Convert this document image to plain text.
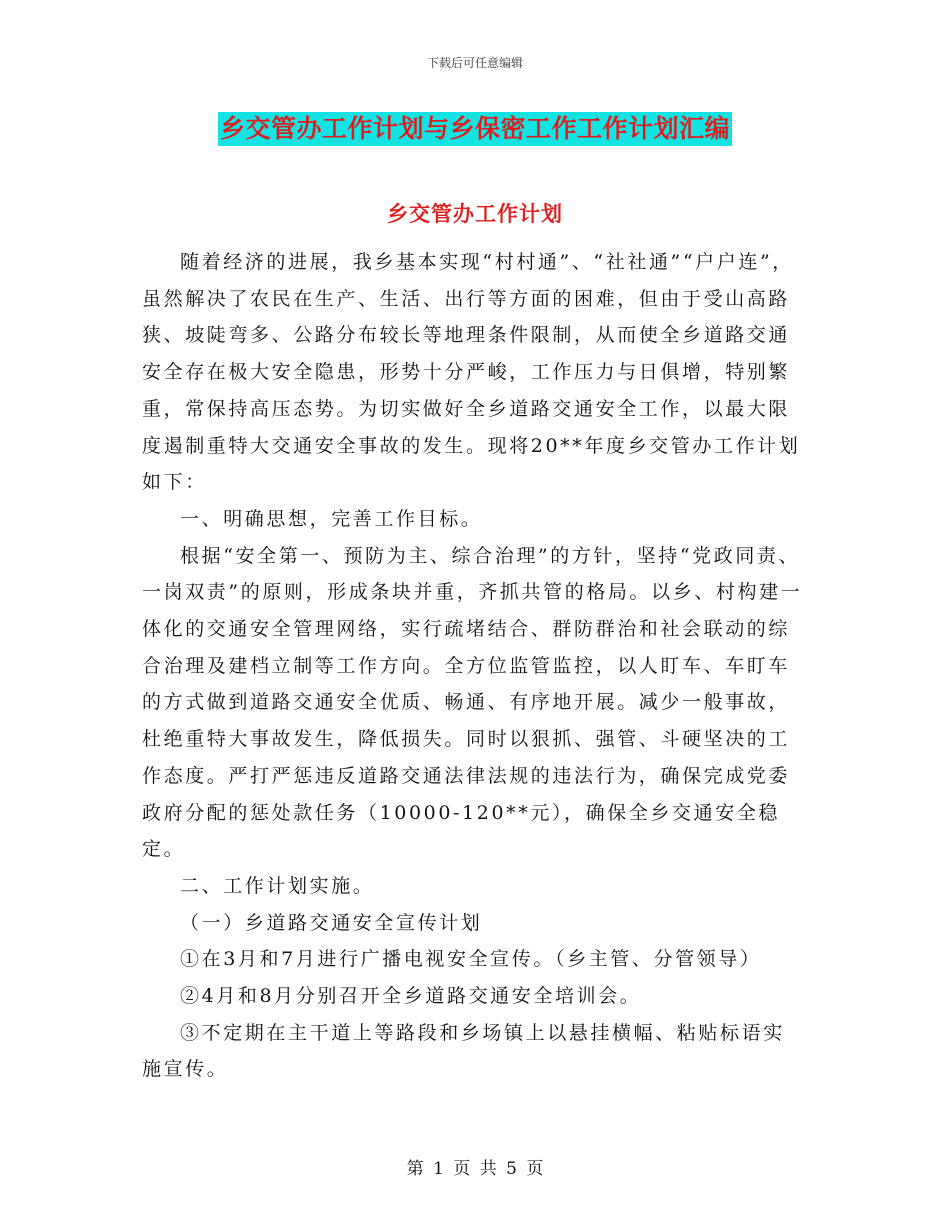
下载后可任意编辑
乡交管办工作计划与乡保密工作工作计划汇编
乡交管办工作计划

随着经济的进展，我乡基本实现“村村通”、“社社通”“户户连”，虽然解决了农民在生产、生活、出行等方面的困难，但由于受山高路狭、坡陡弯多、公路分布较长等地理条件限制，从而使全乡道路交通安全存在极大安全隐患，形势十分严峻，工作压力与日俱增，特别繁重，常保持高压态势。为切实做好全乡道路交通安全工作，以最大限度遏制重特大交通安全事故的发生。现将20**年度乡交管办工作计划如下：

一、明确思想，完善工作目标。

根据“安全第一、预防为主、综合治理”的方针，坚持“党政同责、一岗双责”的原则，形成条块并重，齐抓共管的格局。以乡、村构建一体化的交通安全管理网络，实行疏堵结合、群防群治和社会联动的综合治理及建档立制等工作方向。全方位监管监控，以人盯车、车盯车的方式做到道路交通安全优质、畅通、有序地开展。减少一般事故，杜绝重特大事故发生，降低损失。同时以狠抓、强管、斗硬坚决的工作态度。严打严惩违反道路交通法律法规的违法行为，确保完成党委政府分配的惩处款任务（10000-120**元），确保全乡交通安全稳定。

二、工作计划实施。

（一）乡道路交通安全宣传计划

①在3月和7月进行广播电视安全宣传。（乡主管、分管领导）

②4月和8月分别召开全乡道路交通安全培训会。

③不定期在主干道上等路段和乡场镇上以悬挂横幅、粘贴标语实施宣传。

第 1 页 共 5 页
